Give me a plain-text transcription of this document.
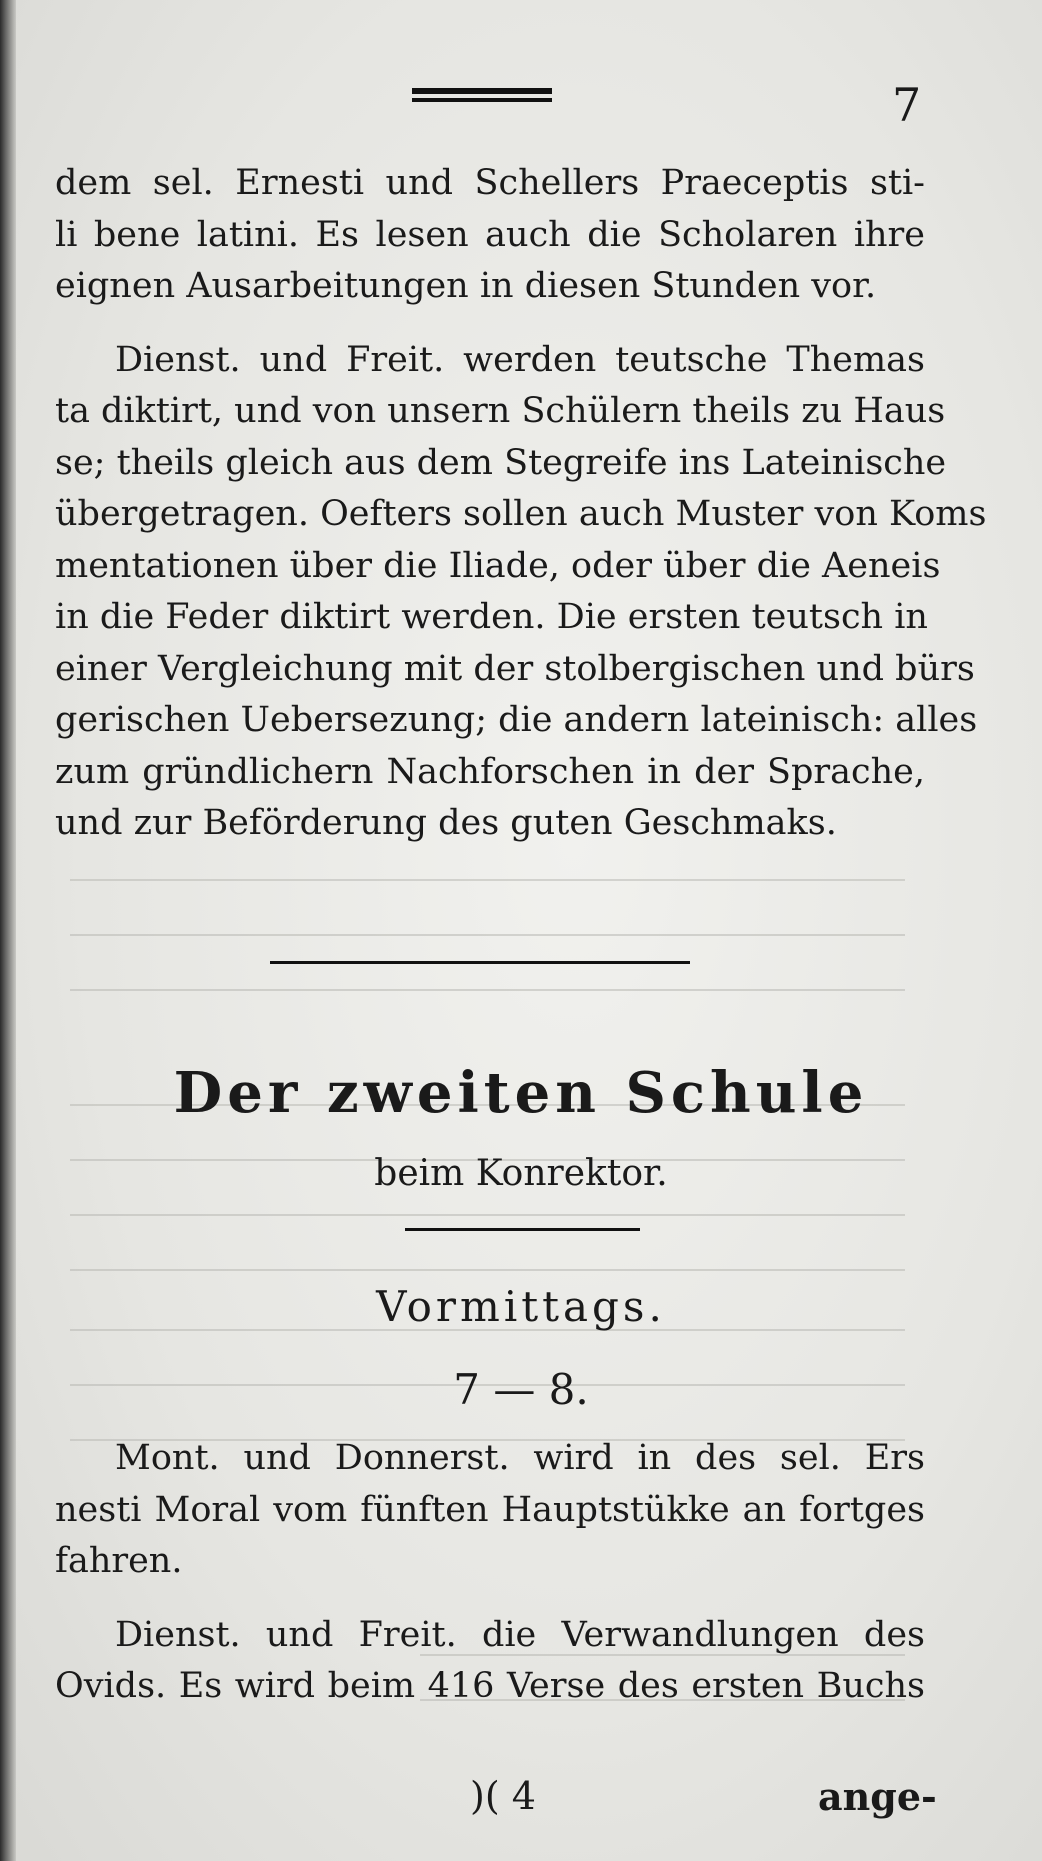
7
dem sel. Ernesti und Schellers Praeceptis sti-
li bene latini. Es lesen auch die Scholaren ihre
eignen Ausarbeitungen in diesen Stunden vor.
Dienst. und Freit. werden teutsche Themas
ta diktirt, und von unsern Schülern theils zu Haus
se; theils gleich aus dem Stegreife ins Lateinische
übergetragen. Oefters sollen auch Muster von Koms
mentationen über die Iliade, oder über die Aeneis
in die Feder diktirt werden. Die ersten teutsch in
einer Vergleichung mit der stolbergischen und bürs
gerischen Uebersezung; die andern lateinisch: alles
zum gründlichern Nachforschen in der Sprache,
und zur Beförderung des guten Geschmaks.
Der zweiten Schule
beim Konrektor.
Vormittags.
7 — 8.
Mont. und Donnerst. wird in des sel. Ers
nesti Moral vom fünften Hauptstükke an fortges
fahren.
Dienst. und Freit. die Verwandlungen des
Ovids. Es wird beim 416 Verse des ersten Buchs
)( 4	ange-
